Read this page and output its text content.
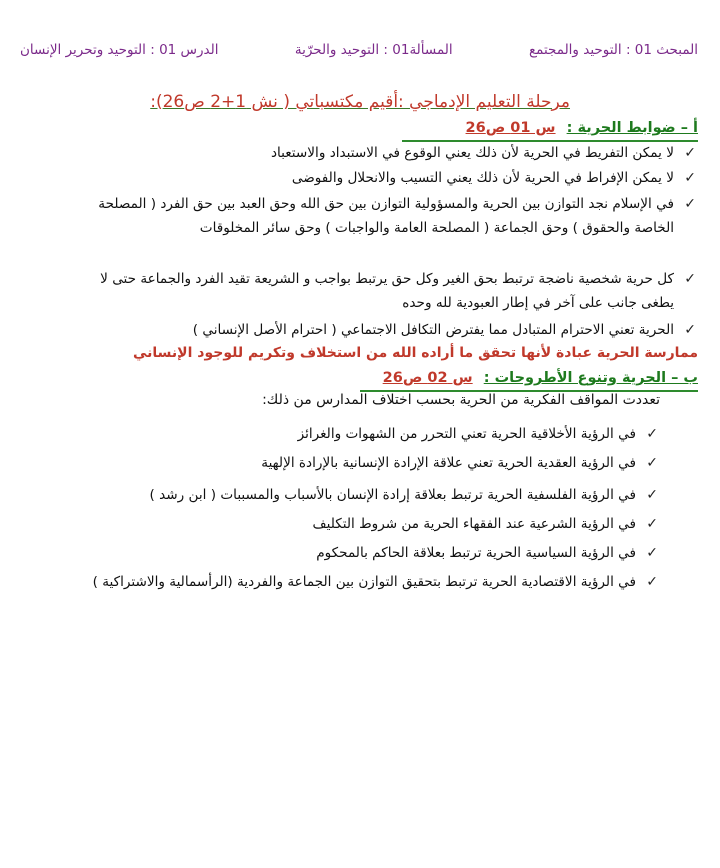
المبحث 01 : التوحيد والمجتمع
المسألة01 : التوحيد والحرّية
الدرس 01 : التوحيد وتحرير الإنسان
مرحلة التعليم الإدماجي :أقيم مكتسباتي ( نش 1+2 ص26):
أ – ضوابط الحرية : س 01 ص26
✓
لا يمكن التفريط في الحرية لأن ذلك يعني الوقوع في الاستبداد والاستعباد
✓
لا يمكن الإفراط في الحرية لأن ذلك يعني التسيب والانحلال والفوضى
✓
في الإسلام نجد التوازن بين الحرية والمسؤولية التوازن بين حق الله وحق العبد بين حق الفرد ( المصلحة الخاصة والحقوق ) وحق الجماعة ( المصلحة العامة والواجبات ) وحق سائر المخلوقات
✓
كل حرية شخصية ناضجة ترتبط بحق الغير وكل حق يرتبط بواجب و الشريعة تقيد الفرد والجماعة حتى لا يطغى جانب على آخر في إطار العبودية لله وحده
✓
الحرية تعني الاحترام المتبادل مما يفترض التكافل الاجتماعي ( احترام الأصل الإنساني )
ممارسة الحرية عبادة لأنها تحقق ما أراده الله من استخلاف وتكريم للوجود الإنساني
ب – الحرية وتنوع الأطروحات : س 02 ص26
تعددت المواقف الفكرية من الحرية بحسب اختلاف المدارس من ذلك:
✓
في الرؤية الأخلاقية الحرية تعني التحرر من الشهوات والغرائز
✓
في الرؤية العقدية الحرية تعني علاقة الإرادة الإنسانية بالإرادة الإلهية
✓
في الرؤية الفلسفية الحرية ترتبط بعلاقة إرادة الإنسان بالأسباب والمسببات ( ابن رشد )
✓
في الرؤية الشرعية عند الفقهاء الحرية من شروط التكليف
✓
في الرؤية السياسية الحرية ترتبط بعلاقة الحاكم بالمحكوم
✓
في الرؤية الاقتصادية الحرية ترتبط بتحقيق التوازن بين الجماعة والفردية (الرأسمالية والاشتراكية )
